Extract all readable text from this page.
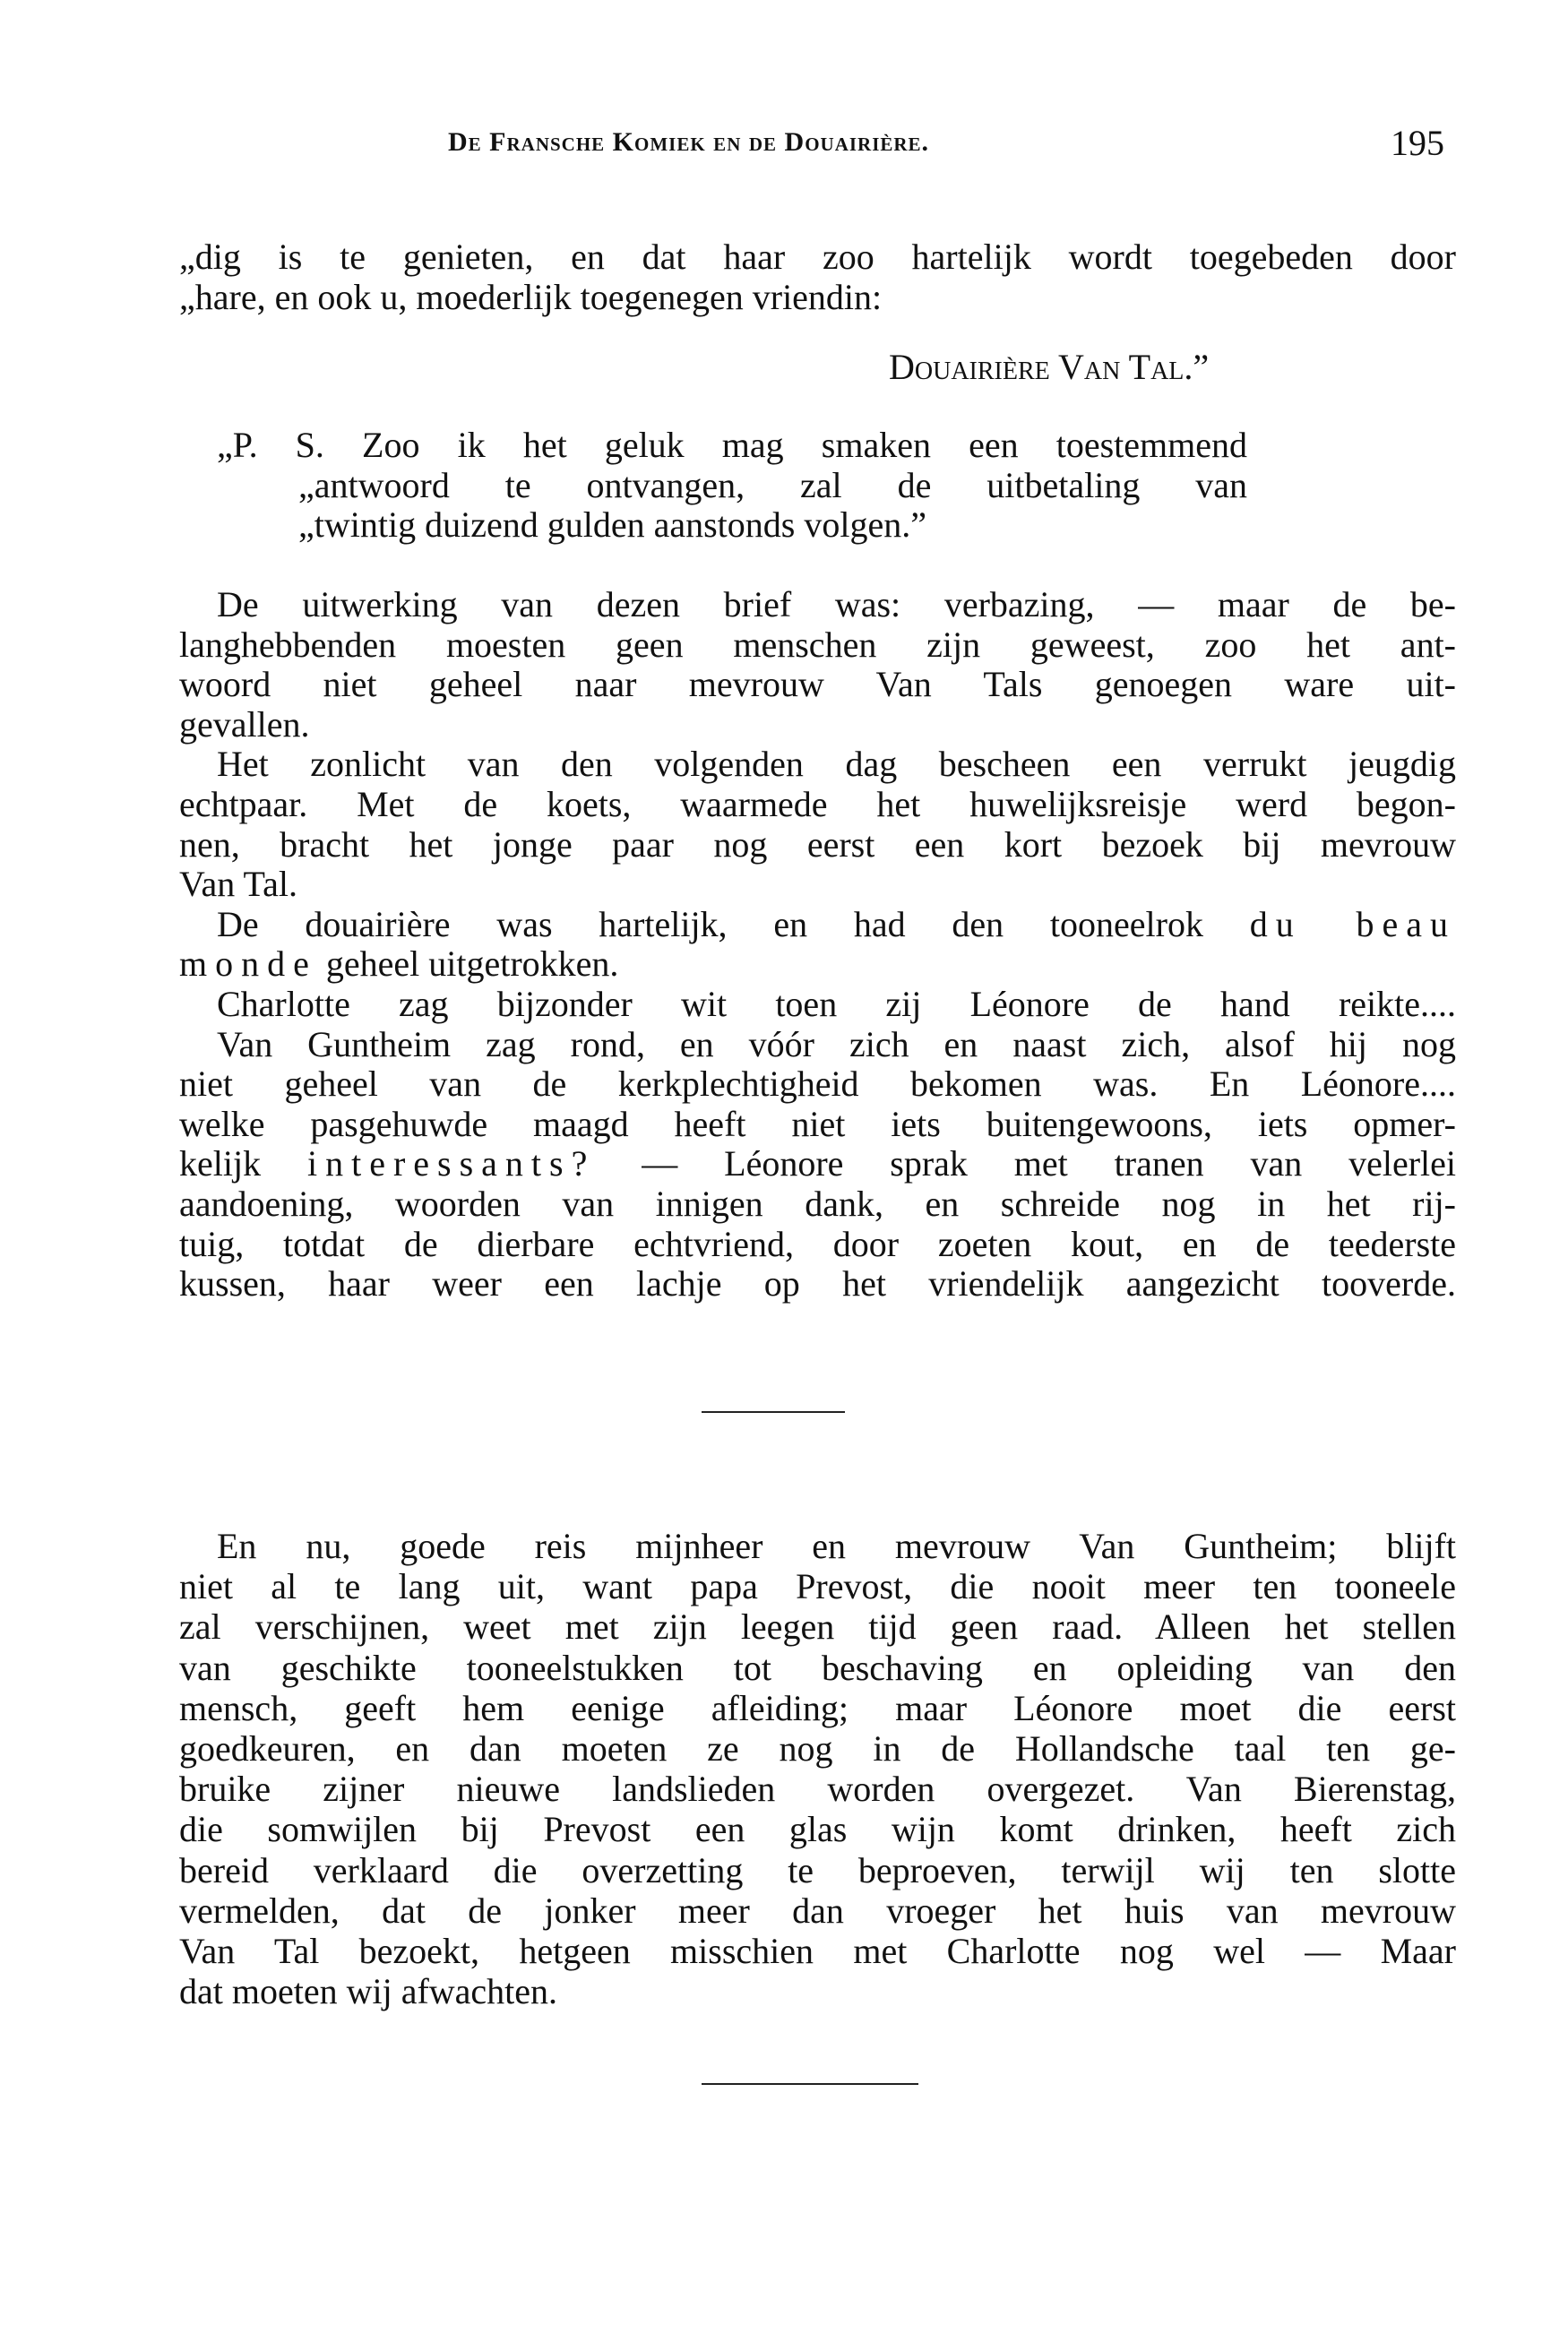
De Fransche Komiek en de Douairière.	195
„dig is te genieten, en dat haar zoo hartelijk wordt toegebeden door
„hare, en ook u, moederlijk toegenegen vriendin:
Douairière Van Tal.”
„P. S. Zoo ik het geluk mag smaken een toestemmend
„antwoord te ontvangen, zal de uitbetaling van
„twintig duizend gulden aanstonds volgen.”
De uitwerking van dezen brief was: verbazing, — maar de be-
langhebbenden moesten geen menschen zijn geweest, zoo het ant-
woord niet geheel naar mevrouw Van Tals genoegen ware uit-
gevallen.
Het zonlicht van den volgenden dag bescheen een verrukt jeugdig
echtpaar. Met de koets, waarmede het huwelijksreisje werd begon-
nen, bracht het jonge paar nog eerst een kort bezoek bij mevrouw
Van Tal.
De douairière was hartelijk, en had den tooneelrok du beau
monde geheel uitgetrokken.
Charlotte zag bijzonder wit toen zij Léonore de hand reikte....
Van Guntheim zag rond, en vóór zich en naast zich, alsof hij nog
niet geheel van de kerkplechtigheid bekomen was. En Léonore....
welke pasgehuwde maagd heeft niet iets buitengewoons, iets opmer-
kelijk interessants? — Léonore sprak met tranen van velerlei
aandoening, woorden van innigen dank, en schreide nog in het rij-
tuig, totdat de dierbare echtvriend, door zoeten kout, en de teederste
kussen, haar weer een lachje op het vriendelijk aangezicht tooverde.
En nu, goede reis mijnheer en mevrouw Van Guntheim; blijft
niet al te lang uit, want papa Prevost, die nooit meer ten tooneele
zal verschijnen, weet met zijn leegen tijd geen raad. Alleen het stellen
van geschikte tooneelstukken tot beschaving en opleiding van den
mensch, geeft hem eenige afleiding; maar Léonore moet die eerst
goedkeuren, en dan moeten ze nog in de Hollandsche taal ten ge-
bruike zijner nieuwe landslieden worden overgezet. Van Bierenstag,
die somwijlen bij Prevost een glas wijn komt drinken, heeft zich
bereid verklaard die overzetting te beproeven, terwijl wij ten slotte
vermelden, dat de jonker meer dan vroeger het huis van mevrouw
Van Tal bezoekt, hetgeen misschien met Charlotte nog wel — Maar
dat moeten wij afwachten.
